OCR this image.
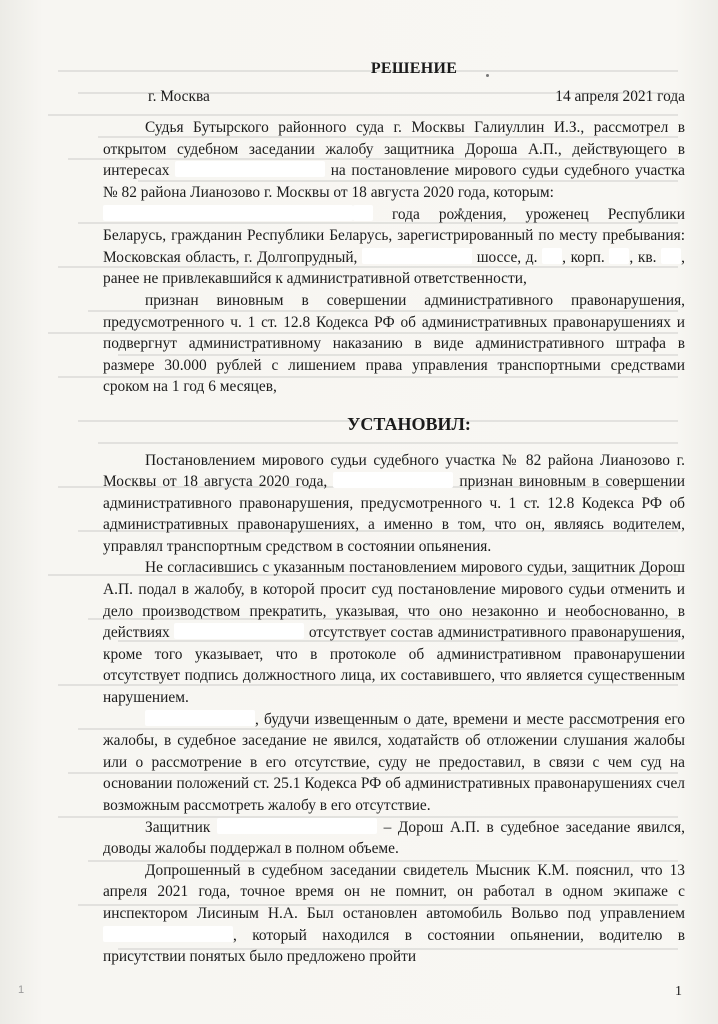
РЕШЕНИЕ
г. Москва	14 апреля 2021 года

Судья Бутырского районного суда г. Москвы Галиуллин И.З., рассмотрел в открытом судебном заседании жалобу защитника Дороша А.П., действующего в интересах	на постановление мирового судьи судебного участка № 82 района Лианозово г. Москвы от 18 августа 2020 года, которым:

года рождения, уроженец Республики Беларусь, гражданин Республики Беларусь, зарегистрированный по месту пребывания: Московская область, г. Долгопрудный,	шоссе, д. , корп. , кв. , ранее не привлекавшийся к административной ответственности,

признан виновным в совершении административного правонарушения, предусмотренного ч. 1 ст. 12.8 Кодекса РФ об административных правонарушениях и подвергнут административному наказанию в виде административного штрафа в размере 30.000 рублей с лишением права управления транспортными средствами сроком на 1 год 6 месяцев,

УСТАНОВИЛ:

Постановлением мирового судьи судебного участка № 82 района Лианозово г. Москвы от 18 августа 2020 года,	признан виновным в совершении административного правонарушения, предусмотренного ч. 1 ст. 12.8 Кодекса РФ об административных правонарушениях, а именно в том, что он, являясь водителем, управлял транспортным средством в состоянии опьянения.

Не согласившись с указанным постановлением мирового судьи, защитник Дорош А.П. подал в жалобу, в которой просит суд постановление мирового судьи отменить и дело производством прекратить, указывая, что оно незаконно и необоснованно, в действиях	отсутствует состав административного правонарушения, кроме того указывает, что в протоколе об административном правонарушении отсутствует подпись должностного лица, их составившего, что является существенным нарушением.

, будучи извещенным о дате, времени и месте рассмотрения его жалобы, в судебное заседание не явился, ходатайств об отложении слушания жалобы или о рассмотрение в его отсутствие, суду не предоставил, в связи с чем суд на основании положений ст. 25.1 Кодекса РФ об административных правонарушениях счел возможным рассмотреть жалобу в его отсутствие.

Защитник	– Дорош А.П. в судебное заседание явился, доводы жалобы поддержал в полном объеме.

Допрошенный в судебном заседании свидетель Мысник К.М. пояснил, что 13 апреля 2021 года, точное время он не помнит, он работал в одном экипаже с инспектором Лисиным Н.А. Был остановлен автомобиль Вольво под управлением , который находился в состоянии опьянении, водителю в присутствии понятых было предложено пройти

1	1
